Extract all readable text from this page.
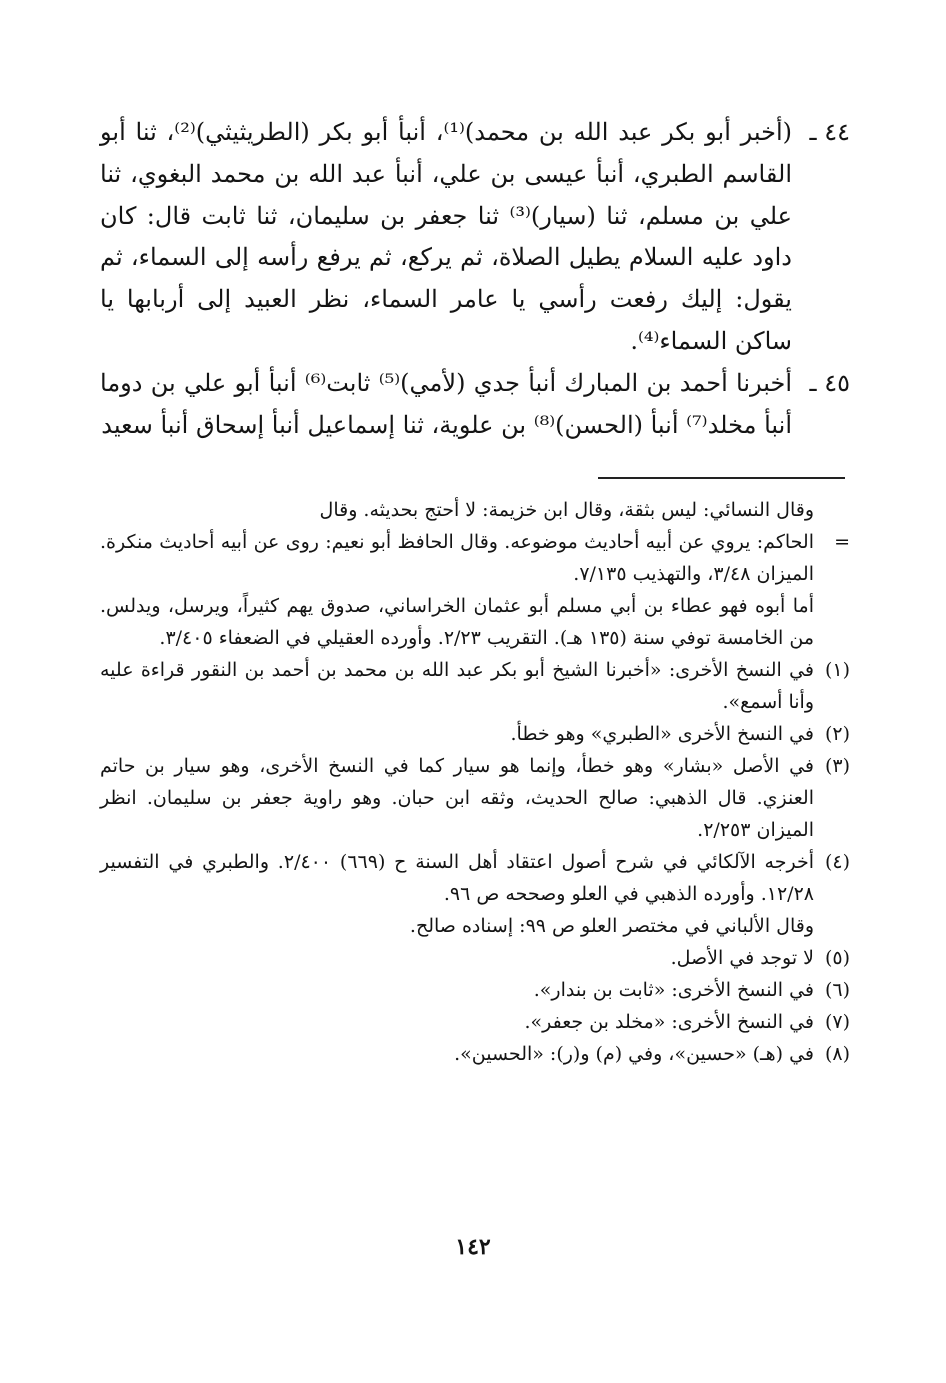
٤٤ ـ
(أخبر أبو بكر عبد الله بن محمد)⁽¹⁾، أنبأ أبو بكر (الطريثيثي)⁽²⁾، ثنا أبو القاسم الطبري، أنبأ عيسى بن علي، أنبأ عبد الله بن محمد البغوي، ثنا علي بن مسلم، ثنا (سيار)⁽³⁾ ثنا جعفر بن سليمان، ثنا ثابت قال: كان داود عليه السلام يطيل الصلاة، ثم يركع، ثم يرفع رأسه إلى السماء، ثم يقول: إليك رفعت رأسي يا عامر السماء، نظر العبيد إلى أربابها يا ساكن السماء⁽⁴⁾.
٤٥ ـ
أخبرنا أحمد بن المبارك أنبأ جدي (لأمي)⁽⁵⁾ ثابت⁽⁶⁾ أنبأ أبو علي بن دوما أنبأ مخلد⁽⁷⁾ أنبأ (الحسن)⁽⁸⁾ بن علوية، ثنا إسماعيل أنبأ إسحاق أنبأ سعيد
وقال النسائي: ليس بثقة، وقال ابن خزيمة: لا أحتج بحديثه. وقال
=
الحاكم: يروي عن أبيه أحاديث موضوعه. وقال الحافظ أبو نعيم: روى عن أبيه أحاديث منكرة. الميزان ٣/٤٨، والتهذيب ٧/١٣٥.
أما أبوه فهو عطاء بن أبي مسلم أبو عثمان الخراساني، صدوق يهم كثيراً، ويرسل، ويدلس. من الخامسة توفي سنة (١٣٥ هـ). التقريب ٢/٢٣. وأورده العقيلي في الضعفاء ٣/٤٠٥.
(١)
في النسخ الأخرى: «أخبرنا الشيخ أبو بكر عبد الله بن محمد بن أحمد بن النقور قراءة عليه وأنا أسمع».
(٢)
في النسخ الأخرى «الطبري» وهو خطأ.
(٣)
في الأصل «بشار» وهو خطأ، وإنما هو سيار كما في النسخ الأخرى، وهو سيار بن حاتم العنزي. قال الذهبي: صالح الحديث، وثقه ابن حبان. وهو راوية جعفر بن سليمان. انظر الميزان ٢/٢٥٣.
(٤)
أخرجه الآلكائي في شرح أصول اعتقاد أهل السنة ح (٦٦٩) ٢/٤٠٠. والطبري في التفسير ١٢/٢٨. وأورده الذهبي في العلو وصححه ص ٩٦.
وقال الألباني في مختصر العلو ص ٩٩: إسناده صالح.
(٥)
لا توجد في الأصل.
(٦)
في النسخ الأخرى: «ثابت بن بندار».
(٧)
في النسخ الأخرى: «مخلد بن جعفر».
(٨)
في (هـ) «حسين»، وفي (م) و(ر): «الحسين».
١٤٢
